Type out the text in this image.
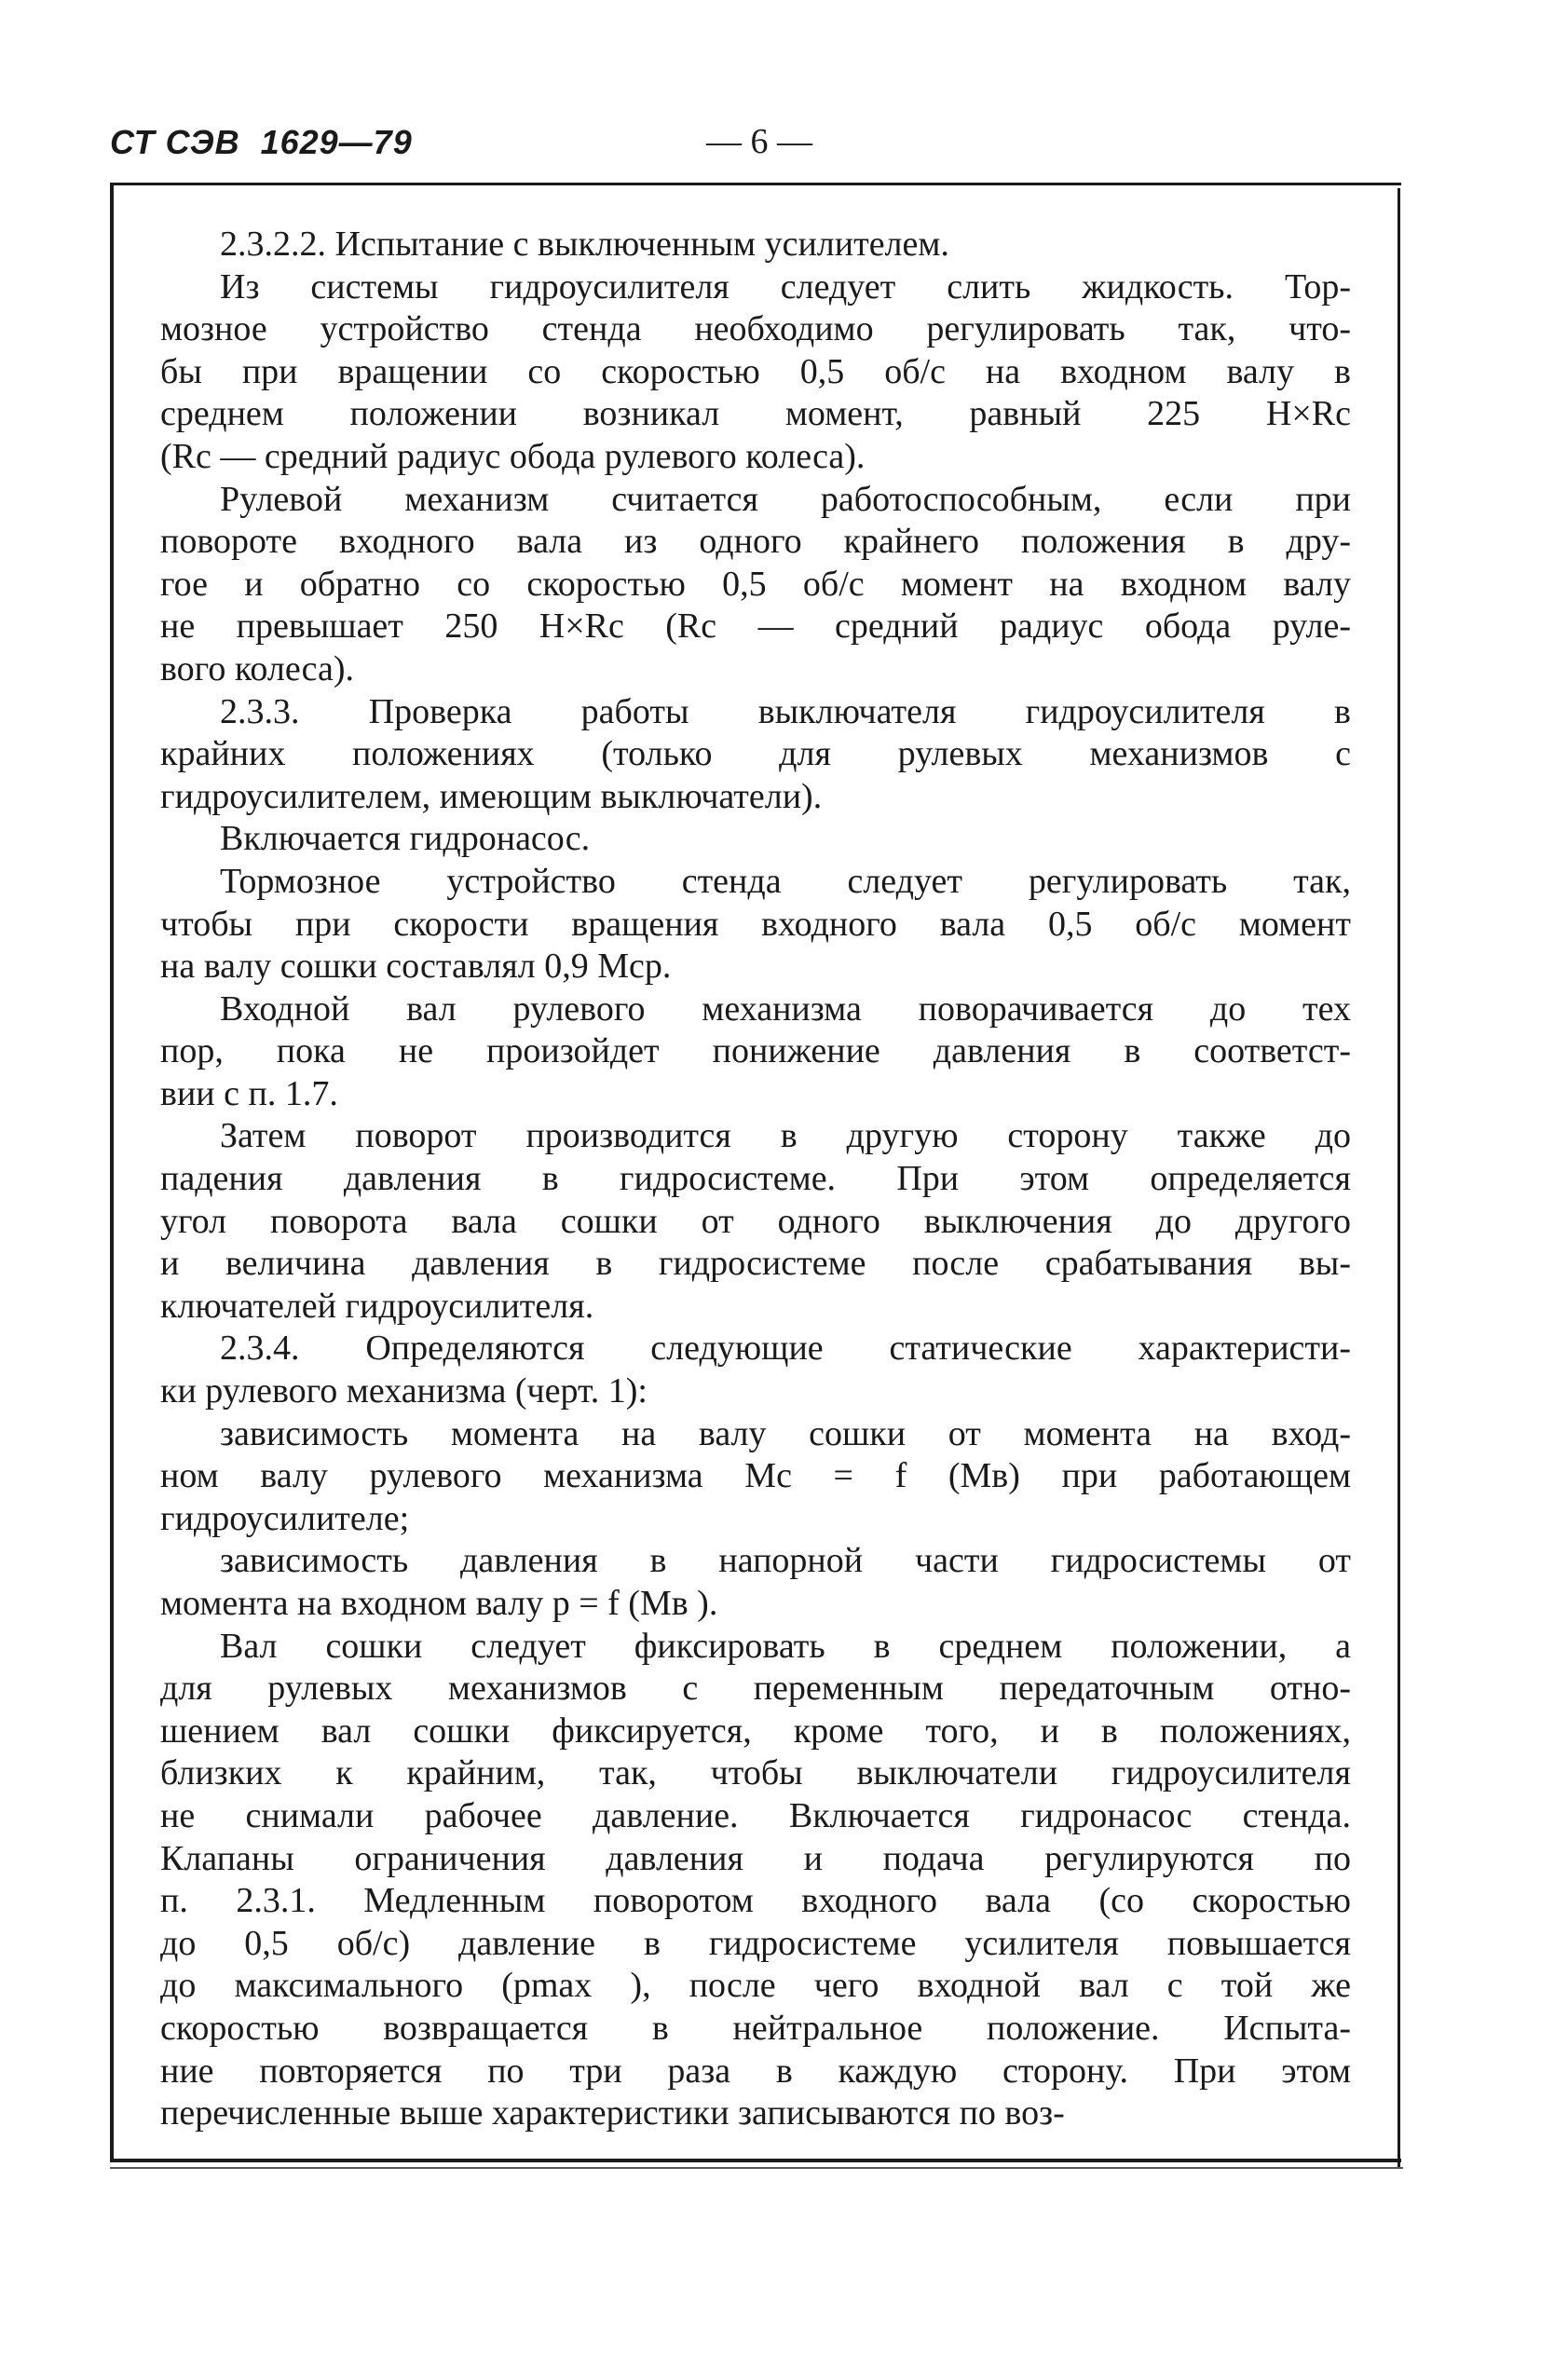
СТ СЭВ  1629—79	— 6 —

2.3.2.2. Испытание с выключенным усилителем.

Из системы гидроусилителя следует слить жидкость. Тор-
мозное устройство стенда необходимо регулировать так, что-
бы при вращении со скоростью 0,5 об/с на входном валу в
среднем положении возникал момент, равный 225 Н×Rс
(Rс — средний радиус обода рулевого колеса).

Рулевой механизм считается работоспособным, если при
повороте входного вала из одного крайнего положения в дру-
гое и обратно со скоростью 0,5 об/с момент на входном валу
не превышает 250 Н×Rс (Rс — средний радиус обода руле-
вого колеса).

2.3.3. Проверка работы выключателя гидроусилителя в
крайних положениях (только для рулевых механизмов с
гидроусилителем, имеющим выключатели).

Включается гидронасос.

Тормозное устройство стенда следует регулировать так,
чтобы при скорости вращения входного вала 0,5 об/с момент
на валу сошки составлял 0,9 Мср.

Входной вал рулевого механизма поворачивается до тех
пор, пока не произойдет понижение давления в соответст-
вии с п. 1.7.

Затем поворот производится в другую сторону также до
падения давления в гидросистеме. При этом определяется
угол поворота вала сошки от одного выключения до другого
и величина давления в гидросистеме после срабатывания вы-
ключателей гидроусилителя.

2.3.4. Определяются следующие статические характеристи-
ки рулевого механизма (черт. 1):

зависимость момента на валу сошки от момента на вход-
ном валу рулевого механизма Мс = f (Мв) при работающем
гидроусилителе;

зависимость давления в напорной части гидросистемы от
момента на входном валу p = f (Мв ).

Вал сошки следует фиксировать в среднем положении, а
для рулевых механизмов с переменным передаточным отно-
шением вал сошки фиксируется, кроме того, и в положениях,
близких к крайним, так, чтобы выключатели гидроусилителя
не снимали рабочее давление. Включается гидронасос стенда.
Клапаны ограничения давления и подача регулируются по
п. 2.3.1. Медленным поворотом входного вала (со скоростью
до 0,5 об/с) давление в гидросистеме усилителя повышается
до максимального (pmax ), после чего входной вал с той же
скоростью возвращается в нейтральное положение. Испыта-
ние повторяется по три раза в каждую сторону. При этом
перечисленные выше характеристики записываются по воз-
